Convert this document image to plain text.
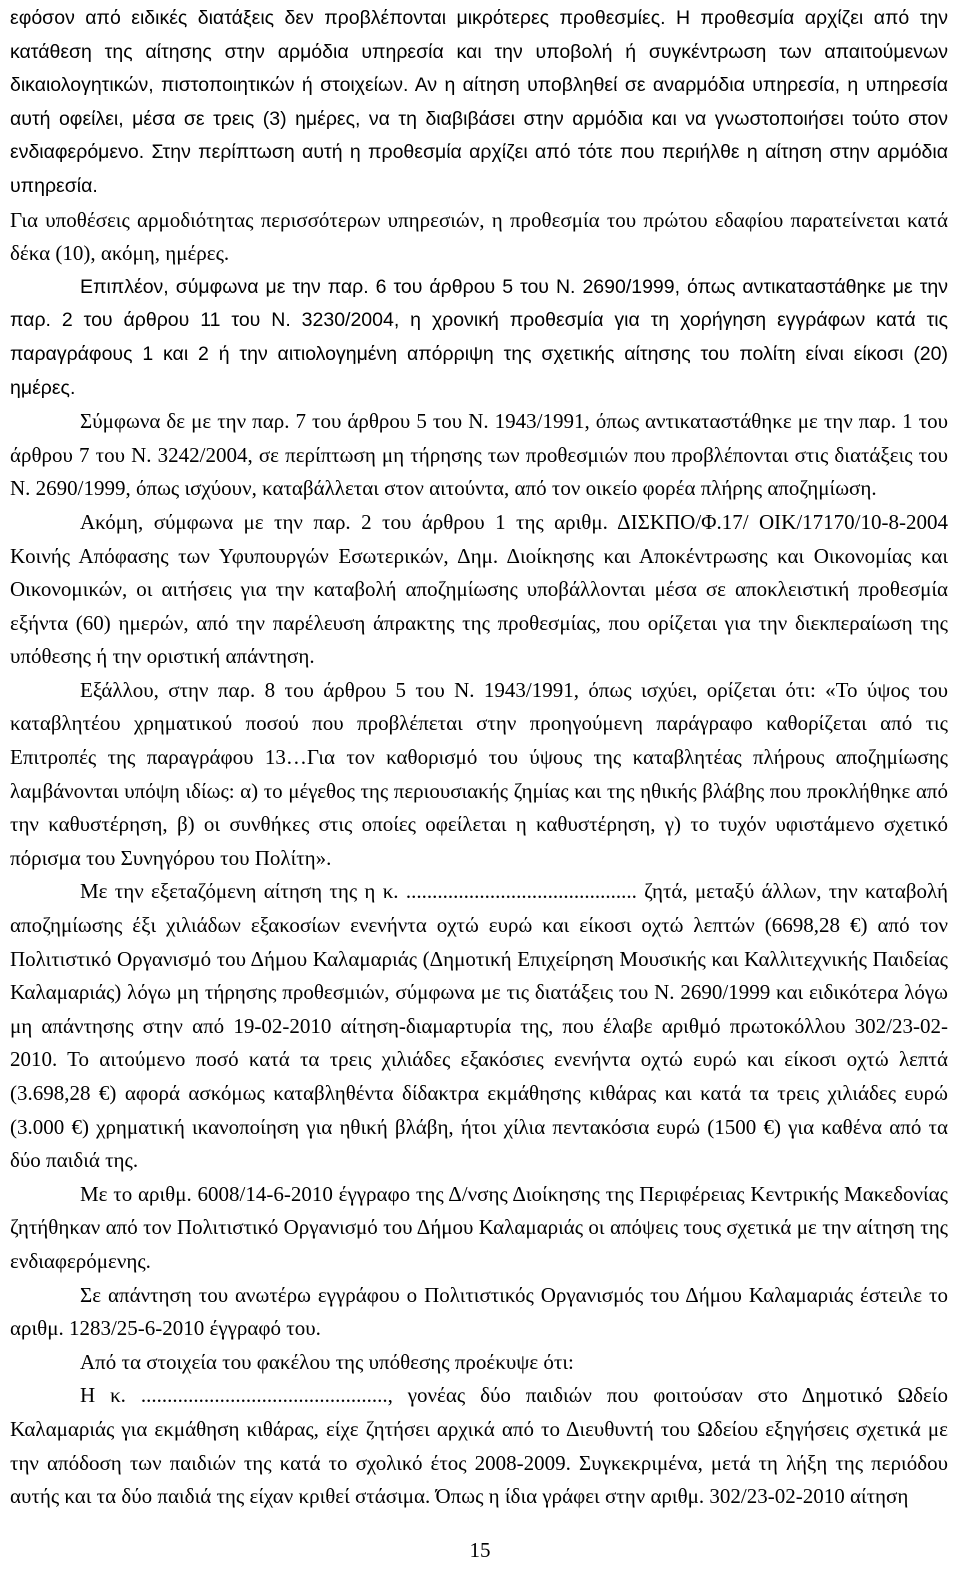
εφόσον από ειδικές διατάξεις δεν προβλέπονται μικρότερες προθεσμίες. Η προθεσμία αρχίζει από την κατάθεση της αίτησης στην αρμόδια υπηρεσία και την υποβολή ή συγκέντρωση των απαιτούμενων δικαιολογητικών, πιστοποιητικών ή στοιχείων. Αν η αίτηση υποβληθεί σε αναρμόδια υπηρεσία, η υπηρεσία αυτή οφείλει, μέσα σε τρεις (3) ημέρες, να τη διαβιβάσει στην αρμόδια και να γνωστοποιήσει τούτο στον ενδιαφερόμενο. Στην περίπτωση αυτή η προθεσμία αρχίζει από τότε που περιήλθε η αίτηση στην αρμόδια υπηρεσία.

Για υποθέσεις αρμοδιότητας περισσότερων υπηρεσιών, η προθεσμία του πρώτου εδαφίου παρατείνεται κατά δέκα (10), ακόμη, ημέρες.

Επιπλέον, σύμφωνα με την παρ. 6 του άρθρου 5 του Ν. 2690/1999, όπως αντικαταστάθηκε με την παρ. 2 του άρθρου 11 του Ν. 3230/2004, η χρονική προθεσμία για τη χορήγηση εγγράφων κατά τις παραγράφους 1 και 2 ή την αιτιολογημένη απόρριψη της σχετικής αίτησης του πολίτη είναι είκοσι (20) ημέρες.

Σύμφωνα δε με την παρ. 7 του άρθρου 5 του Ν. 1943/1991, όπως αντικαταστάθηκε με την παρ. 1 του άρθρου 7 του Ν. 3242/2004, σε περίπτωση μη τήρησης των προθεσμιών που προβλέπονται στις διατάξεις του Ν. 2690/1999, όπως ισχύουν, καταβάλλεται στον αιτούντα, από τον οικείο φορέα πλήρης αποζημίωση.

Ακόμη, σύμφωνα με την παρ. 2 του άρθρου 1 της αριθμ. ΔΙΣΚΠΟ/Φ.17/ ΟΙΚ/17170/10-8-2004 Κοινής Απόφασης των Υφυπουργών Εσωτερικών, Δημ. Διοίκησης και Αποκέντρωσης και Οικονομίας και Οικονομικών, οι αιτήσεις για την καταβολή αποζημίωσης υποβάλλονται μέσα σε αποκλειστική προθεσμία εξήντα (60) ημερών, από την παρέλευση άπρακτης της προθεσμίας, που ορίζεται για την διεκπεραίωση της υπόθεσης ή την οριστική απάντηση.

Εξάλλου, στην παρ. 8 του άρθρου 5 του Ν. 1943/1991, όπως ισχύει, ορίζεται ότι: «Το ύψος του καταβλητέου χρηματικού ποσού που προβλέπεται στην προηγούμενη παράγραφο καθορίζεται από τις Επιτροπές της παραγράφου 13…Για τον καθορισμό του ύψους της καταβλητέας πλήρους αποζημίωσης λαμβάνονται υπόψη ιδίως: α) το μέγεθος της περιουσιακής ζημίας και της ηθικής βλάβης που προκλήθηκε από την καθυστέρηση, β) οι συνθήκες στις οποίες οφείλεται η καθυστέρηση, γ) το τυχόν υφιστάμενο σχετικό πόρισμα του Συνηγόρου του Πολίτη».

Με την εξεταζόμενη αίτηση της η κ. ............................................ ζητά, μεταξύ άλλων, την καταβολή αποζημίωσης έξι χιλιάδων εξακοσίων ενενήντα οχτώ ευρώ και είκοσι οχτώ λεπτών (6698,28 €) από τον Πολιτιστικό Οργανισμό του Δήμου Καλαμαριάς (Δημοτική Επιχείρηση Μουσικής και Καλλιτεχνικής Παιδείας Καλαμαριάς) λόγω μη τήρησης προθεσμιών, σύμφωνα με τις διατάξεις του Ν. 2690/1999 και ειδικότερα λόγω μη απάντησης στην από 19-02-2010 αίτηση-διαμαρτυρία της, που έλαβε αριθμό πρωτοκόλλου 302/23-02-2010. Το αιτούμενο ποσό κατά τα τρεις χιλιάδες εξακόσιες ενενήντα οχτώ ευρώ και είκοσι οχτώ λεπτά (3.698,28 €) αφορά ασκόμως καταβληθέντα δίδακτρα εκμάθησης κιθάρας και κατά τα τρεις χιλιάδες ευρώ (3.000 €) χρηματική ικανοποίηση για ηθική βλάβη, ήτοι χίλια πεντακόσια ευρώ (1500 €) για καθένα από τα δύο παιδιά της.

Με το αριθμ. 6008/14-6-2010 έγγραφο της Δ/νσης Διοίκησης της Περιφέρειας Κεντρικής Μακεδονίας ζητήθηκαν από τον Πολιτιστικό Οργανισμό του Δήμου Καλαμαριάς οι απόψεις τους σχετικά με την αίτηση της ενδιαφερόμενης.

Σε απάντηση του ανωτέρω εγγράφου ο Πολιτιστικός Οργανισμός του Δήμου Καλαμαριάς έστειλε το αριθμ. 1283/25-6-2010 έγγραφό του.

Από τα στοιχεία του φακέλου της υπόθεσης προέκυψε ότι:

Η κ. ..............................................., γονέας δύο παιδιών που φοιτούσαν στο Δημοτικό Ωδείο Καλαμαριάς για εκμάθηση κιθάρας, είχε ζητήσει αρχικά από το Διευθυντή του Ωδείου εξηγήσεις σχετικά με την απόδοση των παιδιών της κατά το σχολικό έτος 2008-2009. Συγκεκριμένα, μετά τη λήξη της περιόδου αυτής και τα δύο παιδιά της είχαν κριθεί στάσιμα. Όπως η ίδια γράφει στην αριθμ. 302/23-02-2010 αίτηση

15
